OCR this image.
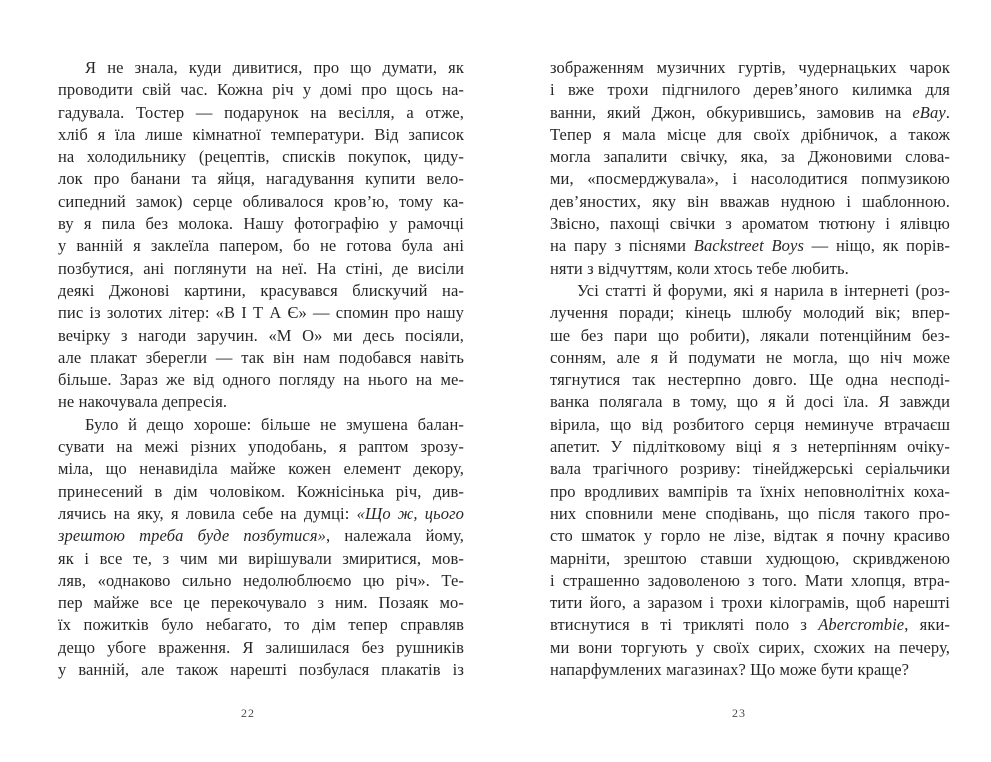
Я не знала, куди дивитися, про що думати, як
проводити свій час. Кожна річ у домі про щось на-
гадувала. Тостер — подарунок на весілля, а отже,
хліб я їла лише кімнатної температури. Від записок
на холодильнику (рецептів, списків покупок, циду-
лок про банани та яйця, нагадування купити вело-
сипедний замок) серце обливалося кров’ю, тому ка-
ву я пила без молока. Нашу фотографію у рамочці
у ванній я заклеїла папером, бо не готова була ані
позбутися, ані поглянути на неї. На стіні, де висіли
деякі Джонові картини, красувався блискучий на-
пис із золотих літер: «В І Т А Є» — спомин про нашу
вечірку з нагоди заручин. «М О» ми десь посіяли,
але плакат зберегли — так він нам подобався навіть
більше. Зараз же від одного погляду на нього на ме-
не накочувала депресія.
Було й дещо хороше: більше не змушена балан-
сувати на межі різних уподобань, я раптом зрозу-
міла, що ненавиділа майже кожен елемент декору,
принесений в дім чоловіком. Кожнісінька річ, див-
лячись на яку, я ловила себе на думці: «Що ж, цього
зрештою треба буде позбутися», належала йому,
як і все те, з чим ми вирішували змиритися, мов-
ляв, «однаково сильно недолюблюємо цю річ». Те-
пер майже все це перекочувало з ним. Позаяк мо-
їх пожитків було небагато, то дім тепер справляв
дещо убоге враження. Я залишилася без рушників
у ванній, але також нарешті позбулася плакатів із
зображенням музичних гуртів, чудернацьких чарок
і вже трохи підгнилого дерев’яного килимка для
ванни, який Джон, обкурившись, замовив на eBay.
Тепер я мала місце для своїх дрібничок, а також
могла запалити свічку, яка, за Джоновими слова-
ми, «посмерджувала», і насолодитися попмузикою
дев’яностих, яку він вважав нудною і шаблонною.
Звісно, пахощі свічки з ароматом тютюну і ялівцю
на пару з піснями Backstreet Boys — ніщо, як порів-
няти з відчуттям, коли хтось тебе любить.
Усі статті й форуми, які я нарила в інтернеті (роз-
лучення поради; кінець шлюбу молодий вік; впер-
ше без пари що робити), лякали потенційним без-
сонням, але я й подумати не могла, що ніч може
тягнутися так нестерпно довго. Ще одна несподі-
ванка полягала в тому, що я й досі їла. Я завжди
вірила, що від розбитого серця неминуче втрачаєш
апетит. У підлітковому віці я з нетерпінням очіку-
вала трагічного розриву: тінейджерські серіальчики
про вродливих вампірів та їхніх неповнолітніх коха-
них сповнили мене сподівань, що після такого про-
сто шматок у горло не лізе, відтак я почну красиво
марніти, зрештою ставши худющою, скривдженою
і страшенно задоволеною з того. Мати хлопця, втра-
тити його, а заразом і трохи кілограмів, щоб нарешті
втиснутися в ті трикляті поло з Abercrombie, яки-
ми вони торгують у своїх сирих, схожих на печеру,
напарфумлених магазинах? Що може бути краще?
22	23
